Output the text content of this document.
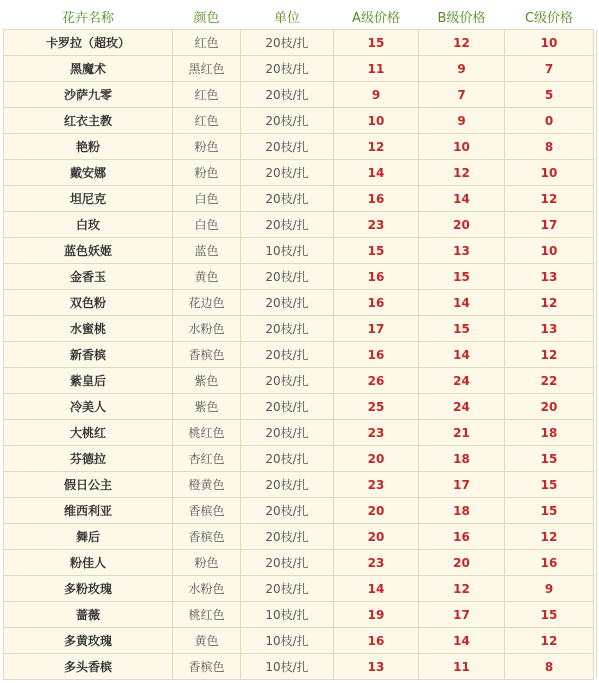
花卉名称	颜色	单位	A级价格	B级价格	C级价格
卡罗拉（超玫）	红色	20枝/扎	15	12	10
黑魔术	黑红色	20枝/扎	11	9	7
沙萨九零	红色	20枝/扎	9	7	5
红衣主教	红色	20枝/扎	10	9	0
艳粉	粉色	20枝/扎	12	10	8
戴安娜	粉色	20枝/扎	14	12	10
坦尼克	白色	20枝/扎	16	14	12
白玫	白色	20枝/扎	23	20	17
蓝色妖姬	蓝色	10枝/扎	15	13	10
金香玉	黄色	20枝/扎	16	15	13
双色粉	花边色	20枝/扎	16	14	12
水蜜桃	水粉色	20枝/扎	17	15	13
新香槟	香槟色	20枝/扎	16	14	12
紫皇后	紫色	20枝/扎	26	24	22
冷美人	紫色	20枝/扎	25	24	20
大桃红	桃红色	20枝/扎	23	21	18
芬德拉	杏红色	20枝/扎	20	18	15
假日公主	橙黄色	20枝/扎	23	17	15
维西利亚	香槟色	20枝/扎	20	18	15
舞后	香槟色	20枝/扎	20	16	12
粉佳人	粉色	20枝/扎	23	20	16
多粉玫瑰	水粉色	20枝/扎	14	12	9
蔷薇	桃红色	10枝/扎	19	17	15
多黄玫瑰	黄色	10枝/扎	16	14	12
多头香槟	香槟色	10枝/扎	13	11	8
